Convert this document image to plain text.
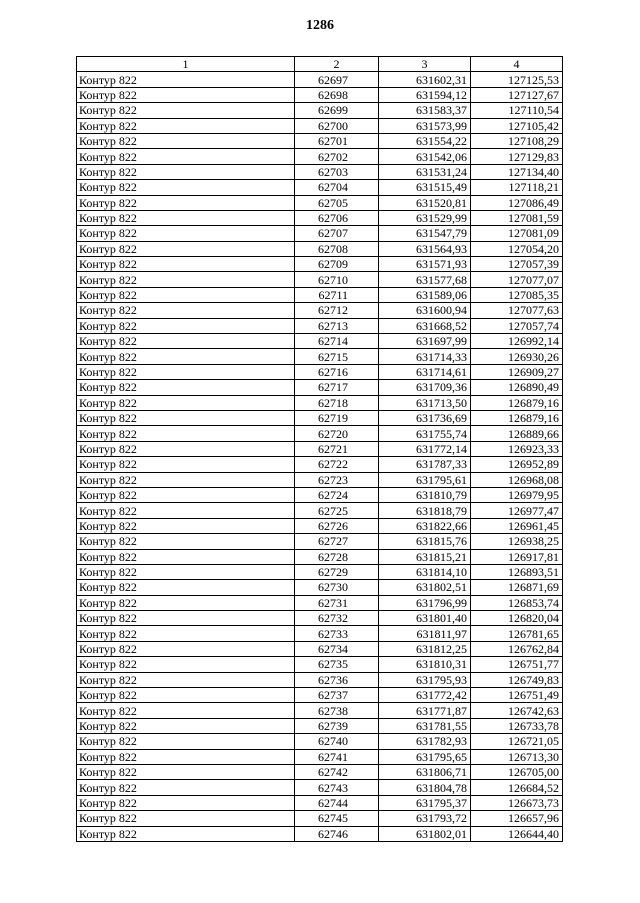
1286
1	2	3	4
Контур 822	62697	631602,31	127125,53
Контур 822	62698	631594,12	127127,67
Контур 822	62699	631583,37	127110,54
Контур 822	62700	631573,99	127105,42
Контур 822	62701	631554,22	127108,29
Контур 822	62702	631542,06	127129,83
Контур 822	62703	631531,24	127134,40
Контур 822	62704	631515,49	127118,21
Контур 822	62705	631520,81	127086,49
Контур 822	62706	631529,99	127081,59
Контур 822	62707	631547,79	127081,09
Контур 822	62708	631564,93	127054,20
Контур 822	62709	631571,93	127057,39
Контур 822	62710	631577,68	127077,07
Контур 822	62711	631589,06	127085,35
Контур 822	62712	631600,94	127077,63
Контур 822	62713	631668,52	127057,74
Контур 822	62714	631697,99	126992,14
Контур 822	62715	631714,33	126930,26
Контур 822	62716	631714,61	126909,27
Контур 822	62717	631709,36	126890,49
Контур 822	62718	631713,50	126879,16
Контур 822	62719	631736,69	126879,16
Контур 822	62720	631755,74	126889,66
Контур 822	62721	631772,14	126923,33
Контур 822	62722	631787,33	126952,89
Контур 822	62723	631795,61	126968,08
Контур 822	62724	631810,79	126979,95
Контур 822	62725	631818,79	126977,47
Контур 822	62726	631822,66	126961,45
Контур 822	62727	631815,76	126938,25
Контур 822	62728	631815,21	126917,81
Контур 822	62729	631814,10	126893,51
Контур 822	62730	631802,51	126871,69
Контур 822	62731	631796,99	126853,74
Контур 822	62732	631801,40	126820,04
Контур 822	62733	631811,97	126781,65
Контур 822	62734	631812,25	126762,84
Контур 822	62735	631810,31	126751,77
Контур 822	62736	631795,93	126749,83
Контур 822	62737	631772,42	126751,49
Контур 822	62738	631771,87	126742,63
Контур 822	62739	631781,55	126733,78
Контур 822	62740	631782,93	126721,05
Контур 822	62741	631795,65	126713,30
Контур 822	62742	631806,71	126705,00
Контур 822	62743	631804,78	126684,52
Контур 822	62744	631795,37	126673,73
Контур 822	62745	631793,72	126657,96
Контур 822	62746	631802,01	126644,40
